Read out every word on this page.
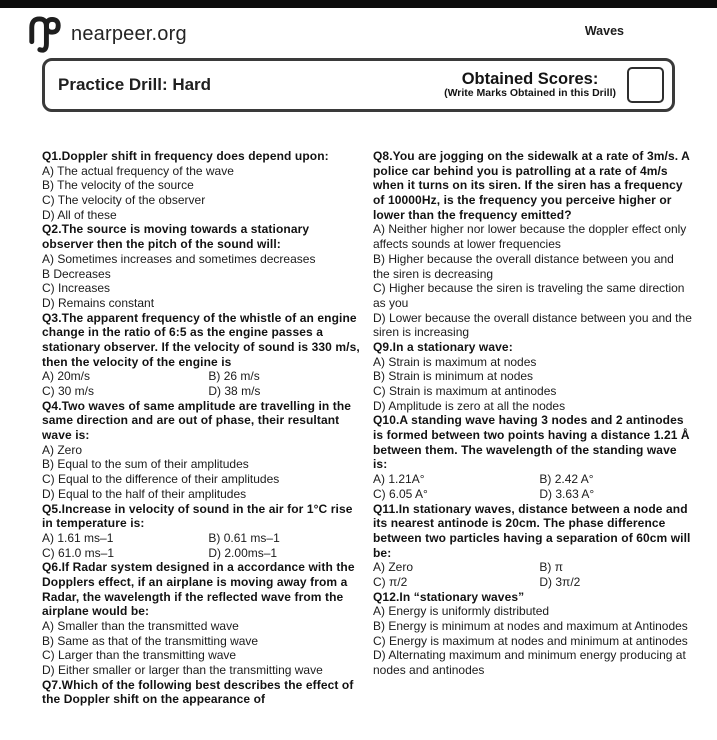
nearpeer.org	Waves
Practice Drill: Hard	Obtained Scores:
(Write Marks Obtained in this Drill)
Q1.Doppler shift in frequency does depend upon:
A) The actual frequency of the wave
B) The velocity of the source
C) The velocity of the observer
D) All of these
Q2.The source is moving towards a stationary observer then the pitch of the sound will:
A) Sometimes increases and sometimes decreases
B Decreases
C) Increases
D) Remains constant
Q3.The apparent frequency of the whistle of an engine change in the ratio of 6:5 as the engine passes a stationary observer. If the velocity of sound is 330 m/s, then the velocity of the engine is
A) 20m/s	B) 26 m/s
C) 30 m/s	D) 38 m/s
Q4.Two waves of same amplitude are travelling in the same direction and are out of phase, their resultant wave is:
A) Zero
B) Equal to the sum of their amplitudes
C) Equal to the difference of their amplitudes
D) Equal to the half of their amplitudes
Q5.Increase in velocity of sound in the air for 1°C rise in temperature is:
A) 1.61 ms–1	B) 0.61 ms–1
C) 61.0 ms–1	D) 2.00ms–1
Q6.If Radar system designed in a accordance with the Dopplers effect, if an airplane is moving away from a Radar, the wavelength if the reflected wave from the airplane would be:
A) Smaller than the transmitted wave
B) Same as that of the transmitting wave
C) Larger than the transmitting wave
D) Either smaller or larger than the transmitting wave
Q7.Which of the following best describes the effect of the Doppler shift on the appearance of
Q8.You are jogging on the sidewalk at a rate of 3m/s. A police car behind you is patrolling at a rate of 4m/s when it turns on its siren. If the siren has a frequency of 10000Hz, is the frequency you perceive higher or lower than the frequency emitted?
A) Neither higher nor lower because the doppler effect only affects sounds at lower frequencies
B) Higher because the overall distance between you and the siren is decreasing
C) Higher because the siren is traveling the same direction as you
D) Lower because the overall distance between you and the siren is increasing
Q9.In a stationary wave:
A) Strain is maximum at nodes
B) Strain is minimum at nodes
C) Strain is maximum at antinodes
D) Amplitude is zero at all the nodes
Q10.A standing wave having 3 nodes and 2 antinodes is formed between two points having a distance 1.21 Å between them. The wavelength of the standing wave is:
A) 1.21A°	B) 2.42 A°
C) 6.05 A°	D) 3.63 A°
Q11.In stationary waves, distance between a node and its nearest antinode is 20cm. The phase difference between two particles having a separation of 60cm will be:
A) Zero	B) π
C) π/2	D) 3π/2
Q12.In “stationary waves”
A) Energy is uniformly distributed
B) Energy is minimum at nodes and maximum at Antinodes
C) Energy is maximum at nodes and minimum at antinodes
D) Alternating maximum and minimum energy producing at nodes and antinodes
